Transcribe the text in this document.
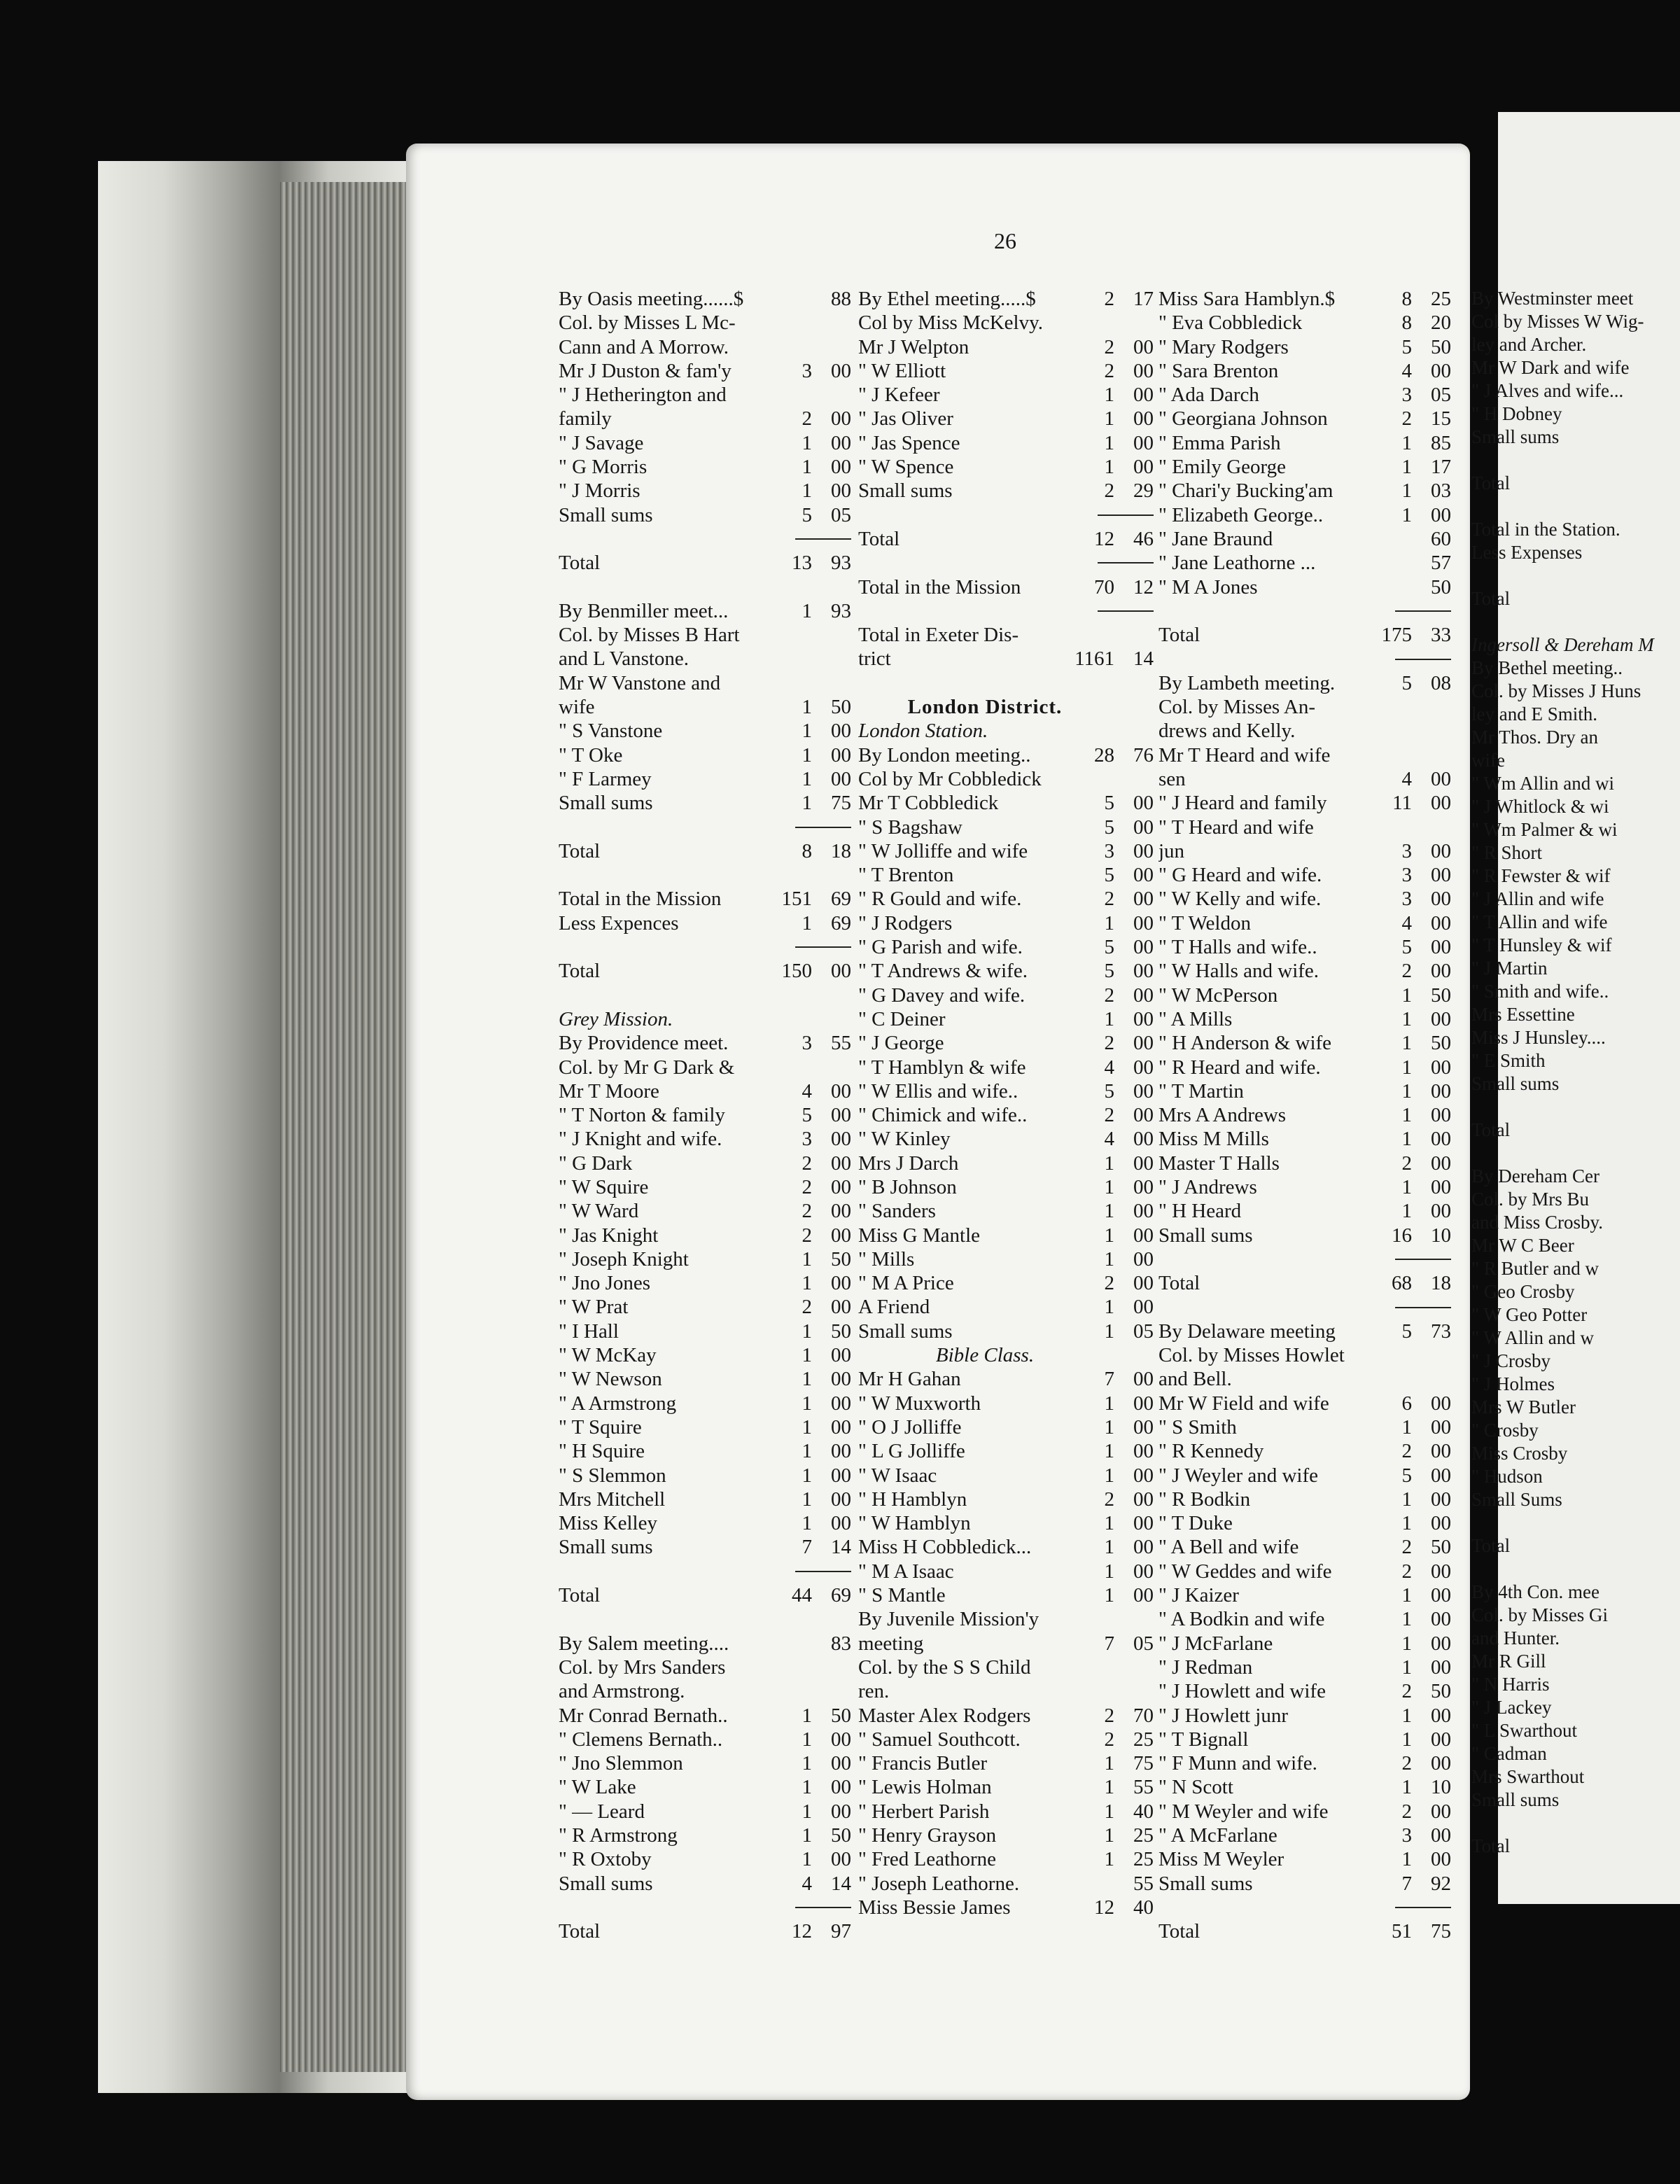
26
By Oasis meeting......$	88
Col. by Misses L Mc-
Cann and A Morrow.
Mr J Duston & fam'y	3 00
" J Hetherington and
family	2 00
" J Savage	1 00
" G Morris	1 00
" J Morris	1 00
Small sums	5 05
Total	13 93
By Benmiller meet...	1 93
Col. by Misses B Hart
and L Vanstone.
Mr W Vanstone and
wife	1 50
" S Vanstone	1 00
" T Oke	1 00
" F Larmey	1 00
Small sums	1 75
Total	8 18
Total in the Mission	151 69
Less Expences	1 69
Total	150 00
Grey Mission.
By Providence meet.	3 55
Col. by Mr G Dark &
Mr T Moore	4 00
" T Norton & family	5 00
" J Knight and wife.	3 00
" G Dark	2 00
" W Squire	2 00
" W Ward	2 00
" Jas Knight	2 00
" Joseph Knight	1 50
" Jno Jones	1 00
" W Prat	2 00
" I Hall	1 50
" W McKay	1 00
" W Newson	1 00
" A Armstrong	1 00
" T Squire	1 00
" H Squire	1 00
" S Slemmon	1 00
Mrs Mitchell	1 00
Miss Kelley	1 00
Small sums	7 14
Total	44 69
By Salem meeting....	83
Col. by Mrs Sanders
and Armstrong.
Mr Conrad Bernath..	1 50
" Clemens Bernath..	1 00
" Jno Slemmon	1 00
" W Lake	1 00
" — Leard	1 00
" R Armstrong	1 50
" R Oxtoby	1 00
Small sums	4 14
Total	12 97
By Ethel meeting.....$	2 17
Col by Miss McKelvy.
Mr J Welpton	2 00
" W Elliott	2 00
" J Kefeer	1 00
" Jas Oliver	1 00
" Jas Spence	1 00
" W Spence	1 00
Small sums	2 29
Total	12 46
Total in the Mission	70 12
Total in Exeter Dis-
trict	1161 14
London District.
London Station.
By London meeting..	28 76
Col by Mr Cobbledick
Mr T Cobbledick	5 00
" S Bagshaw	5 00
" W Jolliffe and wife	3 00
" T Brenton	5 00
" R Gould and wife.	2 00
" J Rodgers	1 00
" G Parish and wife.	5 00
" T Andrews & wife.	5 00
" G Davey and wife.	2 00
" C Deiner	1 00
" J George	2 00
" T Hamblyn & wife	4 00
" W Ellis and wife..	5 00
" Chimick and wife..	2 00
" W Kinley	4 00
Mrs J Darch	1 00
" B Johnson	1 00
" Sanders	1 00
Miss G Mantle	1 00
" Mills	1 00
" M A Price	2 00
A Friend	1 00
Small sums	1 05
Bible Class.
Mr H Gahan	7 00
" W Muxworth	1 00
" O J Jolliffe	1 00
" L G Jolliffe	1 00
" W Isaac	1 00
" H Hamblyn	2 00
" W Hamblyn	1 00
Miss H Cobbledick...	1 00
" M A Isaac	1 00
" S Mantle	1 00
By Juvenile Mission'y
meeting	7 05
Col. by the S S Child
ren.
Master Alex Rodgers	2 70
" Samuel Southcott.	2 25
" Francis Butler	1 75
" Lewis Holman	1 55
" Herbert Parish	1 40
" Henry Grayson	1 25
" Fred Leathorne	1 25
" Joseph Leathorne.	55
Miss Bessie James	12 40
Miss Sara Hamblyn.$	8 25
" Eva Cobbledick	8 20
" Mary Rodgers	5 50
" Sara Brenton	4 00
" Ada Darch	3 05
" Georgiana Johnson	2 15
" Emma Parish	1 85
" Emily George	1 17
" Chari'y Bucking'am	1 03
" Elizabeth George..	1 00
" Jane Braund	60
" Jane Leathorne ...	57
" M A Jones	50
Total	175 33
By Lambeth meeting.	5 08
Col. by Misses An-
drews and Kelly.
Mr T Heard and wife
sen	4 00
" J Heard and family	11 00
" T Heard and wife
jun	3 00
" G Heard and wife.	3 00
" W Kelly and wife.	3 00
" T Weldon	4 00
" T Halls and wife..	5 00
" W Halls and wife.	2 00
" W McPerson	1 50
" A Mills	1 00
" H Anderson & wife	1 50
" R Heard and wife.	1 00
" T Martin	1 00
Mrs A Andrews	1 00
Miss M Mills	1 00
Master T Halls	2 00
" J Andrews	1 00
" H Heard	1 00
Small sums	16 10
Total	68 18
By Delaware meeting	5 73
Col. by Misses Howlet
and Bell.
Mr W Field and wife	6 00
" S Smith	1 00
" R Kennedy	2 00
" J Weyler and wife	5 00
" R Bodkin	1 00
" T Duke	1 00
" A Bell and wife	2 50
" W Geddes and wife	2 00
" J Kaizer	1 00
" A Bodkin and wife	1 00
" J McFarlane	1 00
" J Redman	1 00
" J Howlett and wife	2 50
" J Howlett junr	1 00
" T Bignall	1 00
" F Munn and wife.	2 00
" N Scott	1 10
" M Weyler and wife	2 00
" A McFarlane	3 00
Miss M Weyler	1 00
Small sums	7 92
Total	51 75
By Westminster meet
Col by Misses W Wig-
ley and Archer.
Mr W Dark and wife
" J Alves and wife...
" H Dobney
Small sums
Total
Total in the Station.
Less Expenses
Total
Ingersoll & Dereham M
By Bethel meeting..
Col. by Misses J Huns
ley and E Smith.
Mr Thos. Dry an
wife
" Wm Allin and wi
" J Whitlock & wi
" Wm Palmer & wi
" R Short
" R Fewster & wif
" J Allin and wife
" T Allin and wife
" T Hunsley & wif
" J Martin
" Smith and wife..
Mrs Essettine
Miss J Hunsley....
" E Smith
Small sums
Total
By Dereham Cer
Col. by Mrs Bu
and Miss Crosby.
Mr W C Beer
" R Butler and w
" Geo Crosby
" W Geo Potter
" W Allin and w
" J Crosby
" J Holmes
Mrs W Butler
" Crosby
Miss Crosby
" Hudson
Small Sums
Total
By 4th Con. mee
Col. by Misses Gi
and Hunter.
Mr R Gill
" N Harris
" J Lackey
" L Swarthout
" Cadman
Mrs Swarthout
Small sums
Total
